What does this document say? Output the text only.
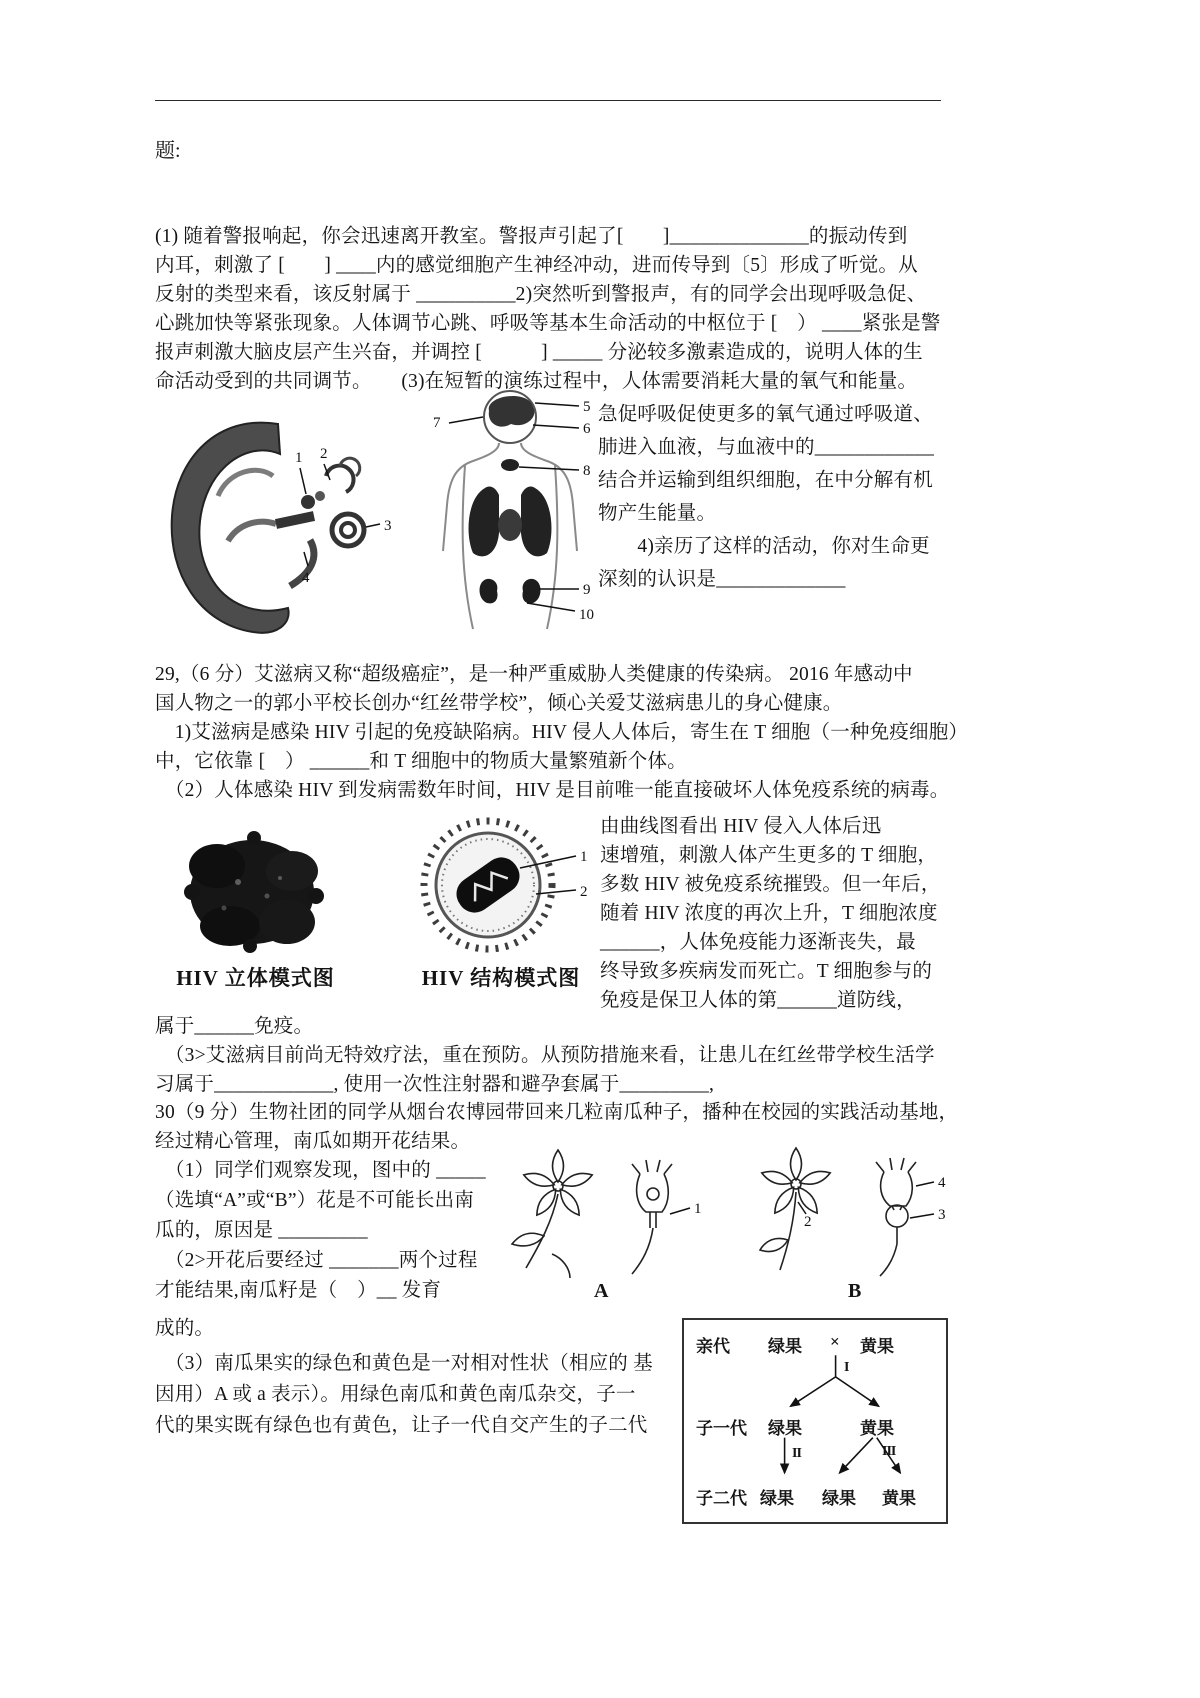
题:
(1) 随着警报响起，你会迅速离开教室。警报声引起了[　　]______________的振动传到
内耳，刺激了 [　　] ____内的感觉细胞产生神经冲动，进而传导到〔5〕形成了听觉。从
反射的类型来看，该反射属于 __________2)突然听到警报声，有的同学会出现呼吸急促、
心跳加快等紧张现象。人体调节心跳、呼吸等基本生命活动的中枢位于 [　） ____紧张是警
报声刺激大脑皮层产生兴奋，并调控 [　　　] _____ 分泌较多激素造成的，说明人体的生
命活动受到的共同调节。　　(3)在短暂的演练过程中，人体需要消耗大量的氧气和能量。
1 2
3
4
5
6
7
8
9
10
急促呼吸促使更多的氧气通过呼吸道、
肺进入血液，与血液中的____________
结合并运输到组织细胞，在中分解有机
物产生能量。
　　4)亲历了这样的活动，你对生命更
深刻的认识是_____________
29,（6 分）艾滋病又称“超级癌症”，是一种严重威胁人类健康的传染病。 2016 年感动中
国人物之一的郭小平校长创办“红丝带学校”，倾心关爱艾滋病患儿的身心健康。
　1)艾滋病是感染 HIV 引起的免疫缺陷病。HIV 侵人人体后，寄生在 T 细胞（一种免疫细胞）
中，它依靠 [　） ______和 T 细胞中的物质大量繁殖新个体。
　（2）人体感染 HIV 到发病需数年时间，HIV 是目前唯一能直接破坏人体免疫系统的病毒。
HIV 立体模式图
1
2
HIV 结构模式图
由曲线图看出 HIV 侵入人体后迅
速增殖，刺激人体产生更多的 T 细胞，
多数 HIV 被免疫系统摧毁。但一年后，
随着 HIV 浓度的再次上升，T 细胞浓度
______，人体免疫能力逐渐丧失，最
终导致多疾病发而死亡。T 细胞参与的
免疫是保卫人体的第______道防线，
属于______免疫。
　（3>艾滋病目前尚无特效疗法，重在预防。从预防措施来看，让患儿在红丝带学校生活学
习属于____________, 使用一次性注射器和避孕套属于_________,
30（9 分）生物社团的同学从烟台农博园带回来几粒南瓜种子，播种在校园的实践活动基地，
经过精心管理，南瓜如期开花结果。
　（1）同学们观察发现，图中的 _____
（选填“A”或“B”）花是不可能长出南
瓜的，原因是 _________
　（2>开花后要经过 _______两个过程
才能结果,南瓜籽是（　）__ 发育
1
A
2
4
3
B
成的。
　（3）南瓜果实的绿色和黄色是一对相对性状（相应的 基
因用）A 或 a 表示）。用绿色南瓜和黄色南瓜杂交，子一
代的果实既有绿色也有黄色，让子一代自交产生的子二代
亲代 绿果 × 黄果
I
子一代 绿果	黄果
II	III
子二代 绿果 绿果 黄果
